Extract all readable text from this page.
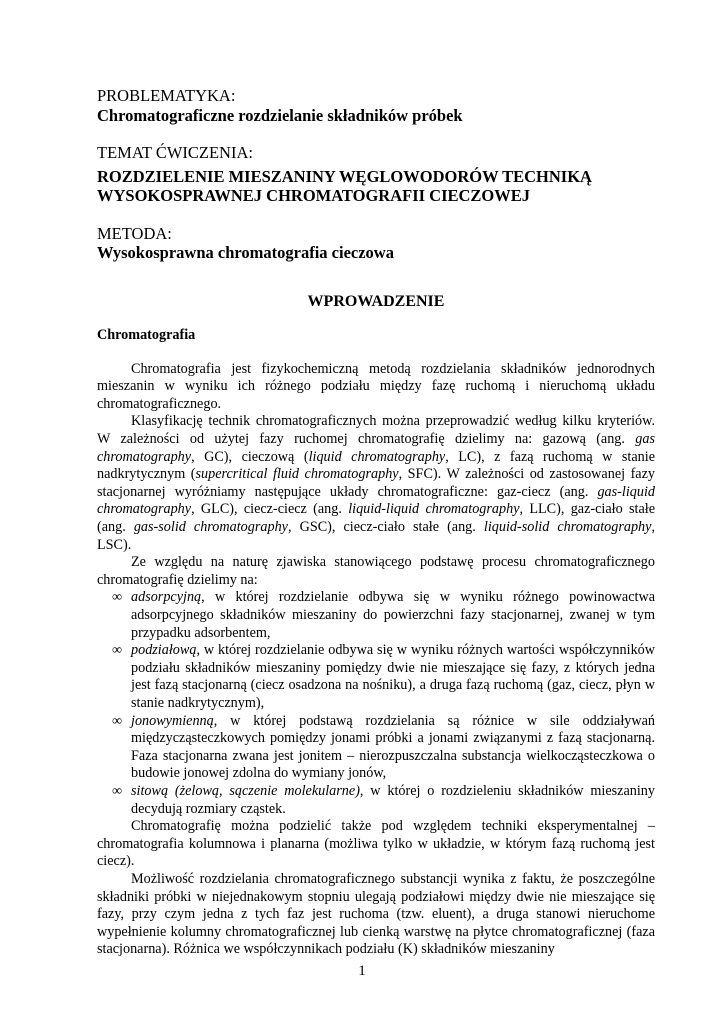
PROBLEMATYKA:
Chromatograficzne rozdzielanie składników próbek
TEMAT ĆWICZENIA:
ROZDZIELENIE MIESZANINY WĘGLOWODORÓW TECHNIKĄ
WYSOKOSPRAWNEJ CHROMATOGRAFII CIECZOWEJ
METODA:
Wysokosprawna chromatografia cieczowa
WPROWADZENIE
Chromatografia

Chromatografia jest fizykochemiczną metodą rozdzielania składników jednorodnych mieszanin w wyniku ich różnego podziału między fazę ruchomą i nieruchomą układu chromatograficznego.

Klasyfikację technik chromatograficznych można przeprowadzić według kilku kryteriów. W zależności od użytej fazy ruchomej chromatografię dzielimy na: gazową (ang. gas chromatography, GC), cieczową (liquid chromatography, LC), z fazą ruchomą w stanie nadkrytycznym (supercritical fluid chromatography, SFC). W zależności od zastosowanej fazy stacjonarnej wyróżniamy następujące układy chromatograficzne: gaz-ciecz (ang. gas-liquid chromatography, GLC), ciecz-ciecz (ang. liquid-liquid chromatography, LLC), gaz-ciało stałe (ang. gas-solid chromatography, GSC), ciecz-ciało stałe (ang. liquid-solid chromatography, LSC).

Ze względu na naturę zjawiska stanowiącego podstawę procesu chromatograficznego chromatografię dzielimy na:

∞ adsorpcyjną, w której rozdzielanie odbywa się w wyniku różnego powinowactwa adsorpcyjnego składników mieszaniny do powierzchni fazy stacjonarnej, zwanej w tym przypadku adsorbentem,
∞ podziałową, w której rozdzielanie odbywa się w wyniku różnych wartości współczynników podziału składników mieszaniny pomiędzy dwie nie mieszające się fazy, z których jedna jest fazą stacjonarną (ciecz osadzona na nośniku), a druga fazą ruchomą (gaz, ciecz, płyn w stanie nadkrytycznym),
∞ jonowymienną, w której podstawą rozdzielania są różnice w sile oddziaływań międzycząsteczkowych pomiędzy jonami próbki a jonami związanymi z fazą stacjonarną. Faza stacjonarna zwana jest jonitem – nierozpuszczalna substancja wielkocząsteczkowa o budowie jonowej zdolna do wymiany jonów,
∞ sitową (żelową, sączenie molekularne), w której o rozdzieleniu składników mieszaniny decydują rozmiary cząstek.

Chromatografię można podzielić także pod względem techniki eksperymentalnej – chromatografia kolumnowa i planarna (możliwa tylko w układzie, w którym fazą ruchomą jest ciecz).

Możliwość rozdzielania chromatograficznego substancji wynika z faktu, że poszczególne składniki próbki w niejednakowym stopniu ulegają podziałowi między dwie nie mieszające się fazy, przy czym jedna z tych faz jest ruchoma (tzw. eluent), a druga stanowi nieruchome wypełnienie kolumny chromatograficznej lub cienką warstwę na płytce chromatograficznej (faza stacjonarna). Różnica we współczynnikach podziału (K) składników mieszaniny

1
